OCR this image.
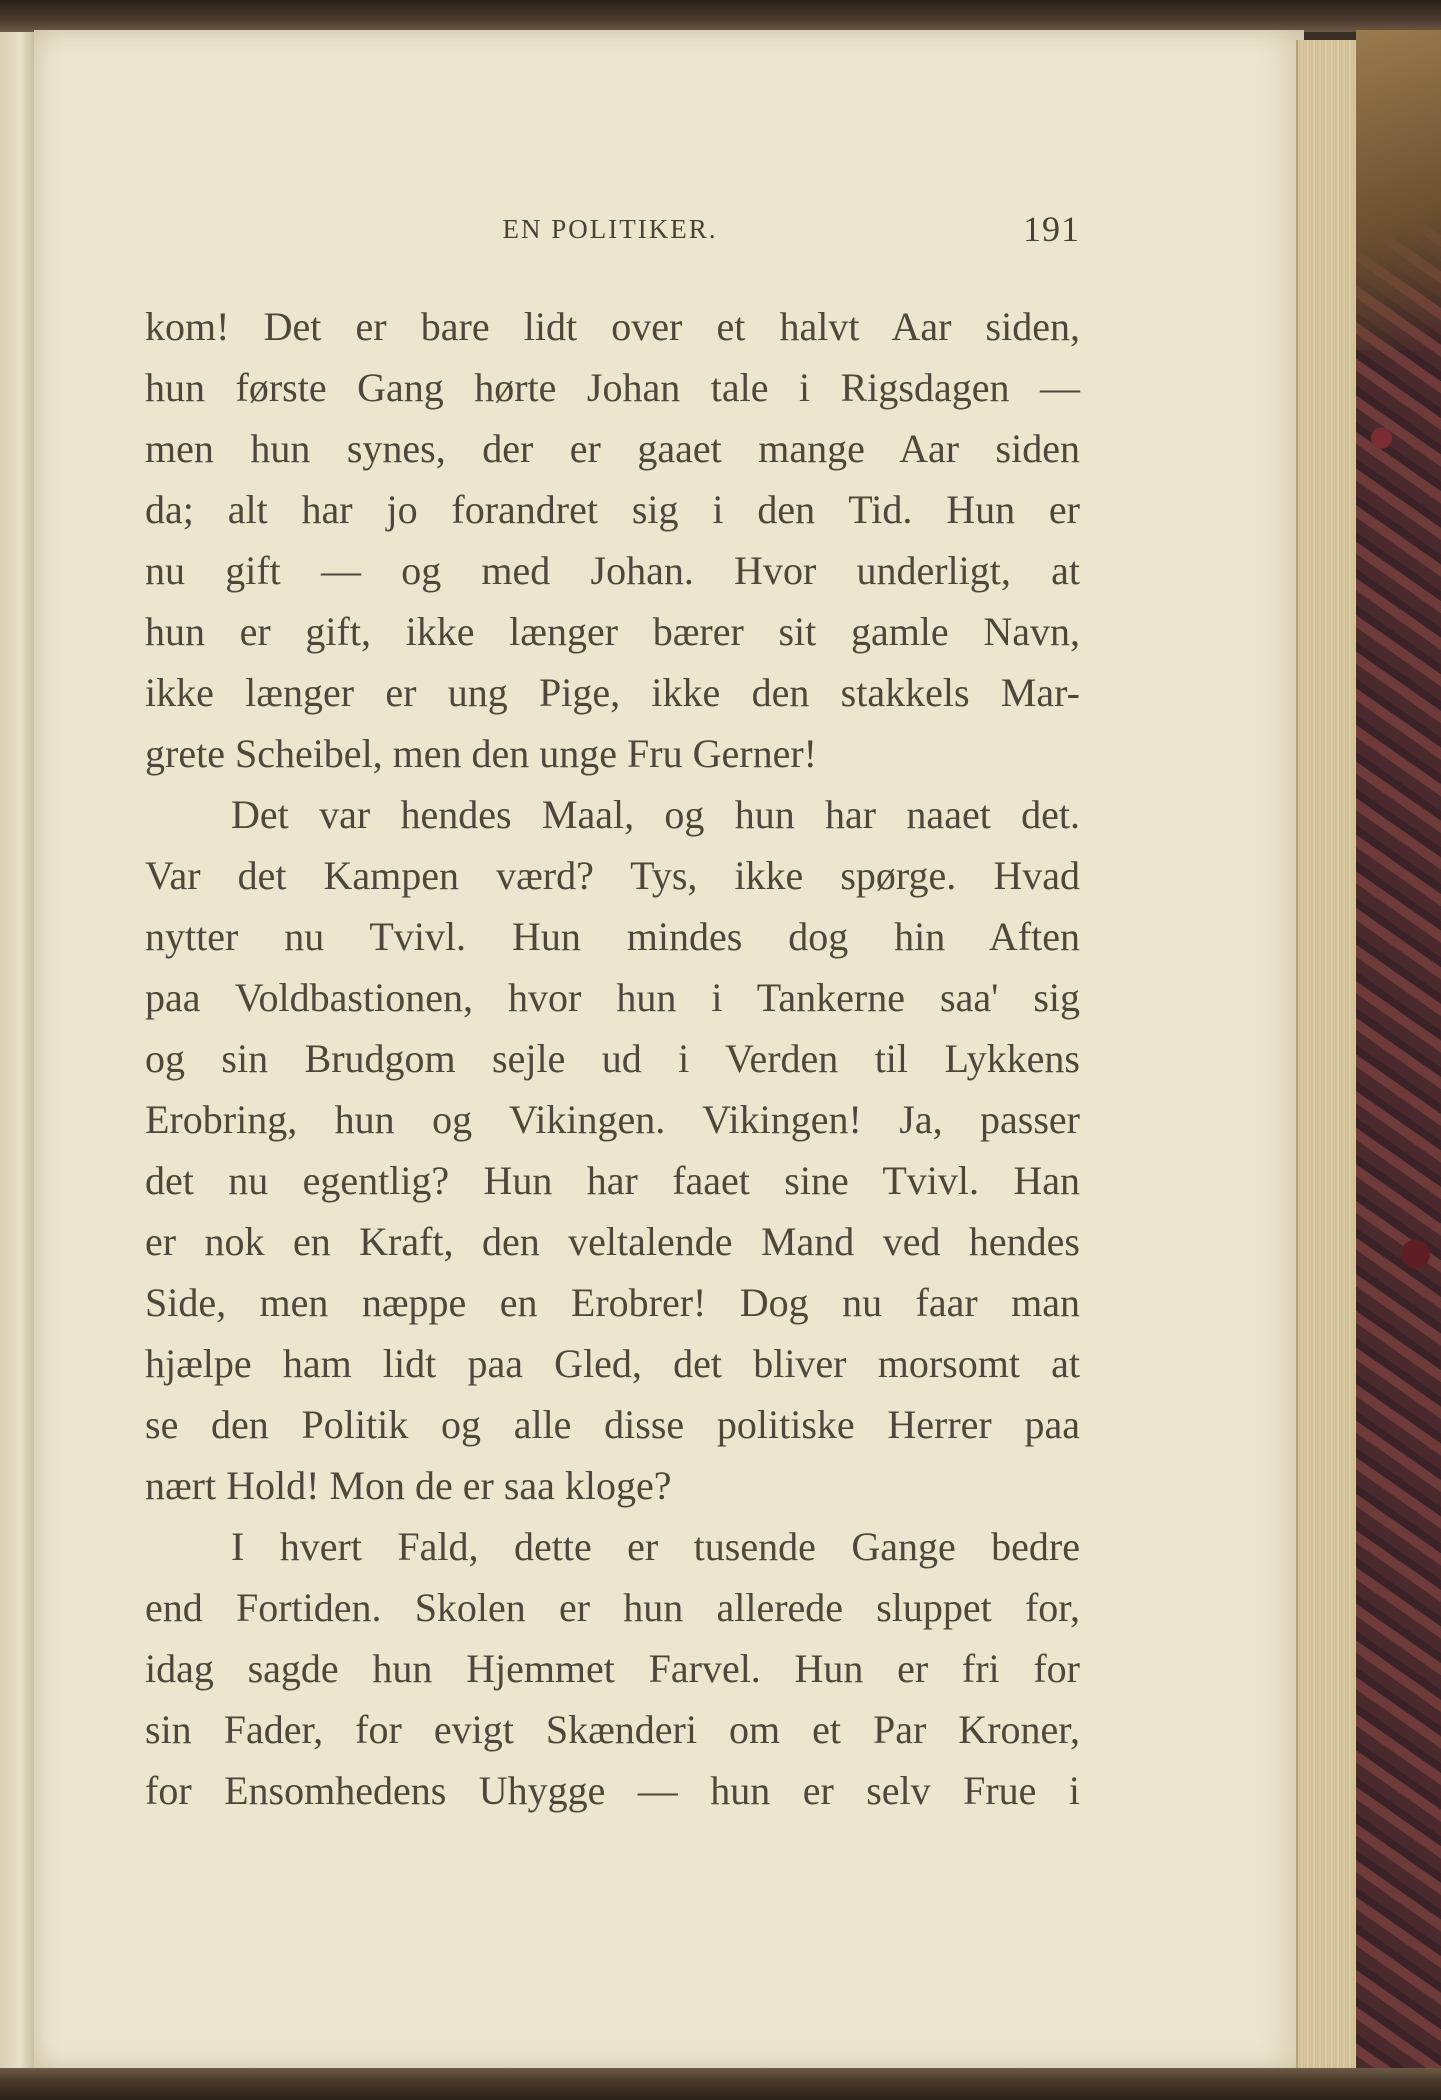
EN POLITIKER.	191
kom! Det er bare lidt over et halvt Aar siden,
hun første Gang hørte Johan tale i Rigsdagen —
men hun synes, der er gaaet mange Aar siden
da; alt har jo forandret sig i den Tid. Hun er
nu gift — og med Johan. Hvor underligt, at
hun er gift, ikke længer bærer sit gamle Navn,
ikke længer er ung Pige, ikke den stakkels Mar-
grete Scheibel, men den unge Fru Gerner!
Det var hendes Maal, og hun har naaet det.
Var det Kampen værd? Tys, ikke spørge. Hvad
nytter nu Tvivl. Hun mindes dog hin Aften
paa Voldbastionen, hvor hun i Tankerne saa' sig
og sin Brudgom sejle ud i Verden til Lykkens
Erobring, hun og Vikingen. Vikingen! Ja, passer
det nu egentlig? Hun har faaet sine Tvivl. Han
er nok en Kraft, den veltalende Mand ved hendes
Side, men næppe en Erobrer! Dog nu faar man
hjælpe ham lidt paa Gled, det bliver morsomt at
se den Politik og alle disse politiske Herrer paa
nært Hold! Mon de er saa kloge?
I hvert Fald, dette er tusende Gange bedre
end Fortiden. Skolen er hun allerede sluppet for,
idag sagde hun Hjemmet Farvel. Hun er fri for
sin Fader, for evigt Skænderi om et Par Kroner,
for Ensomhedens Uhygge — hun er selv Frue i
